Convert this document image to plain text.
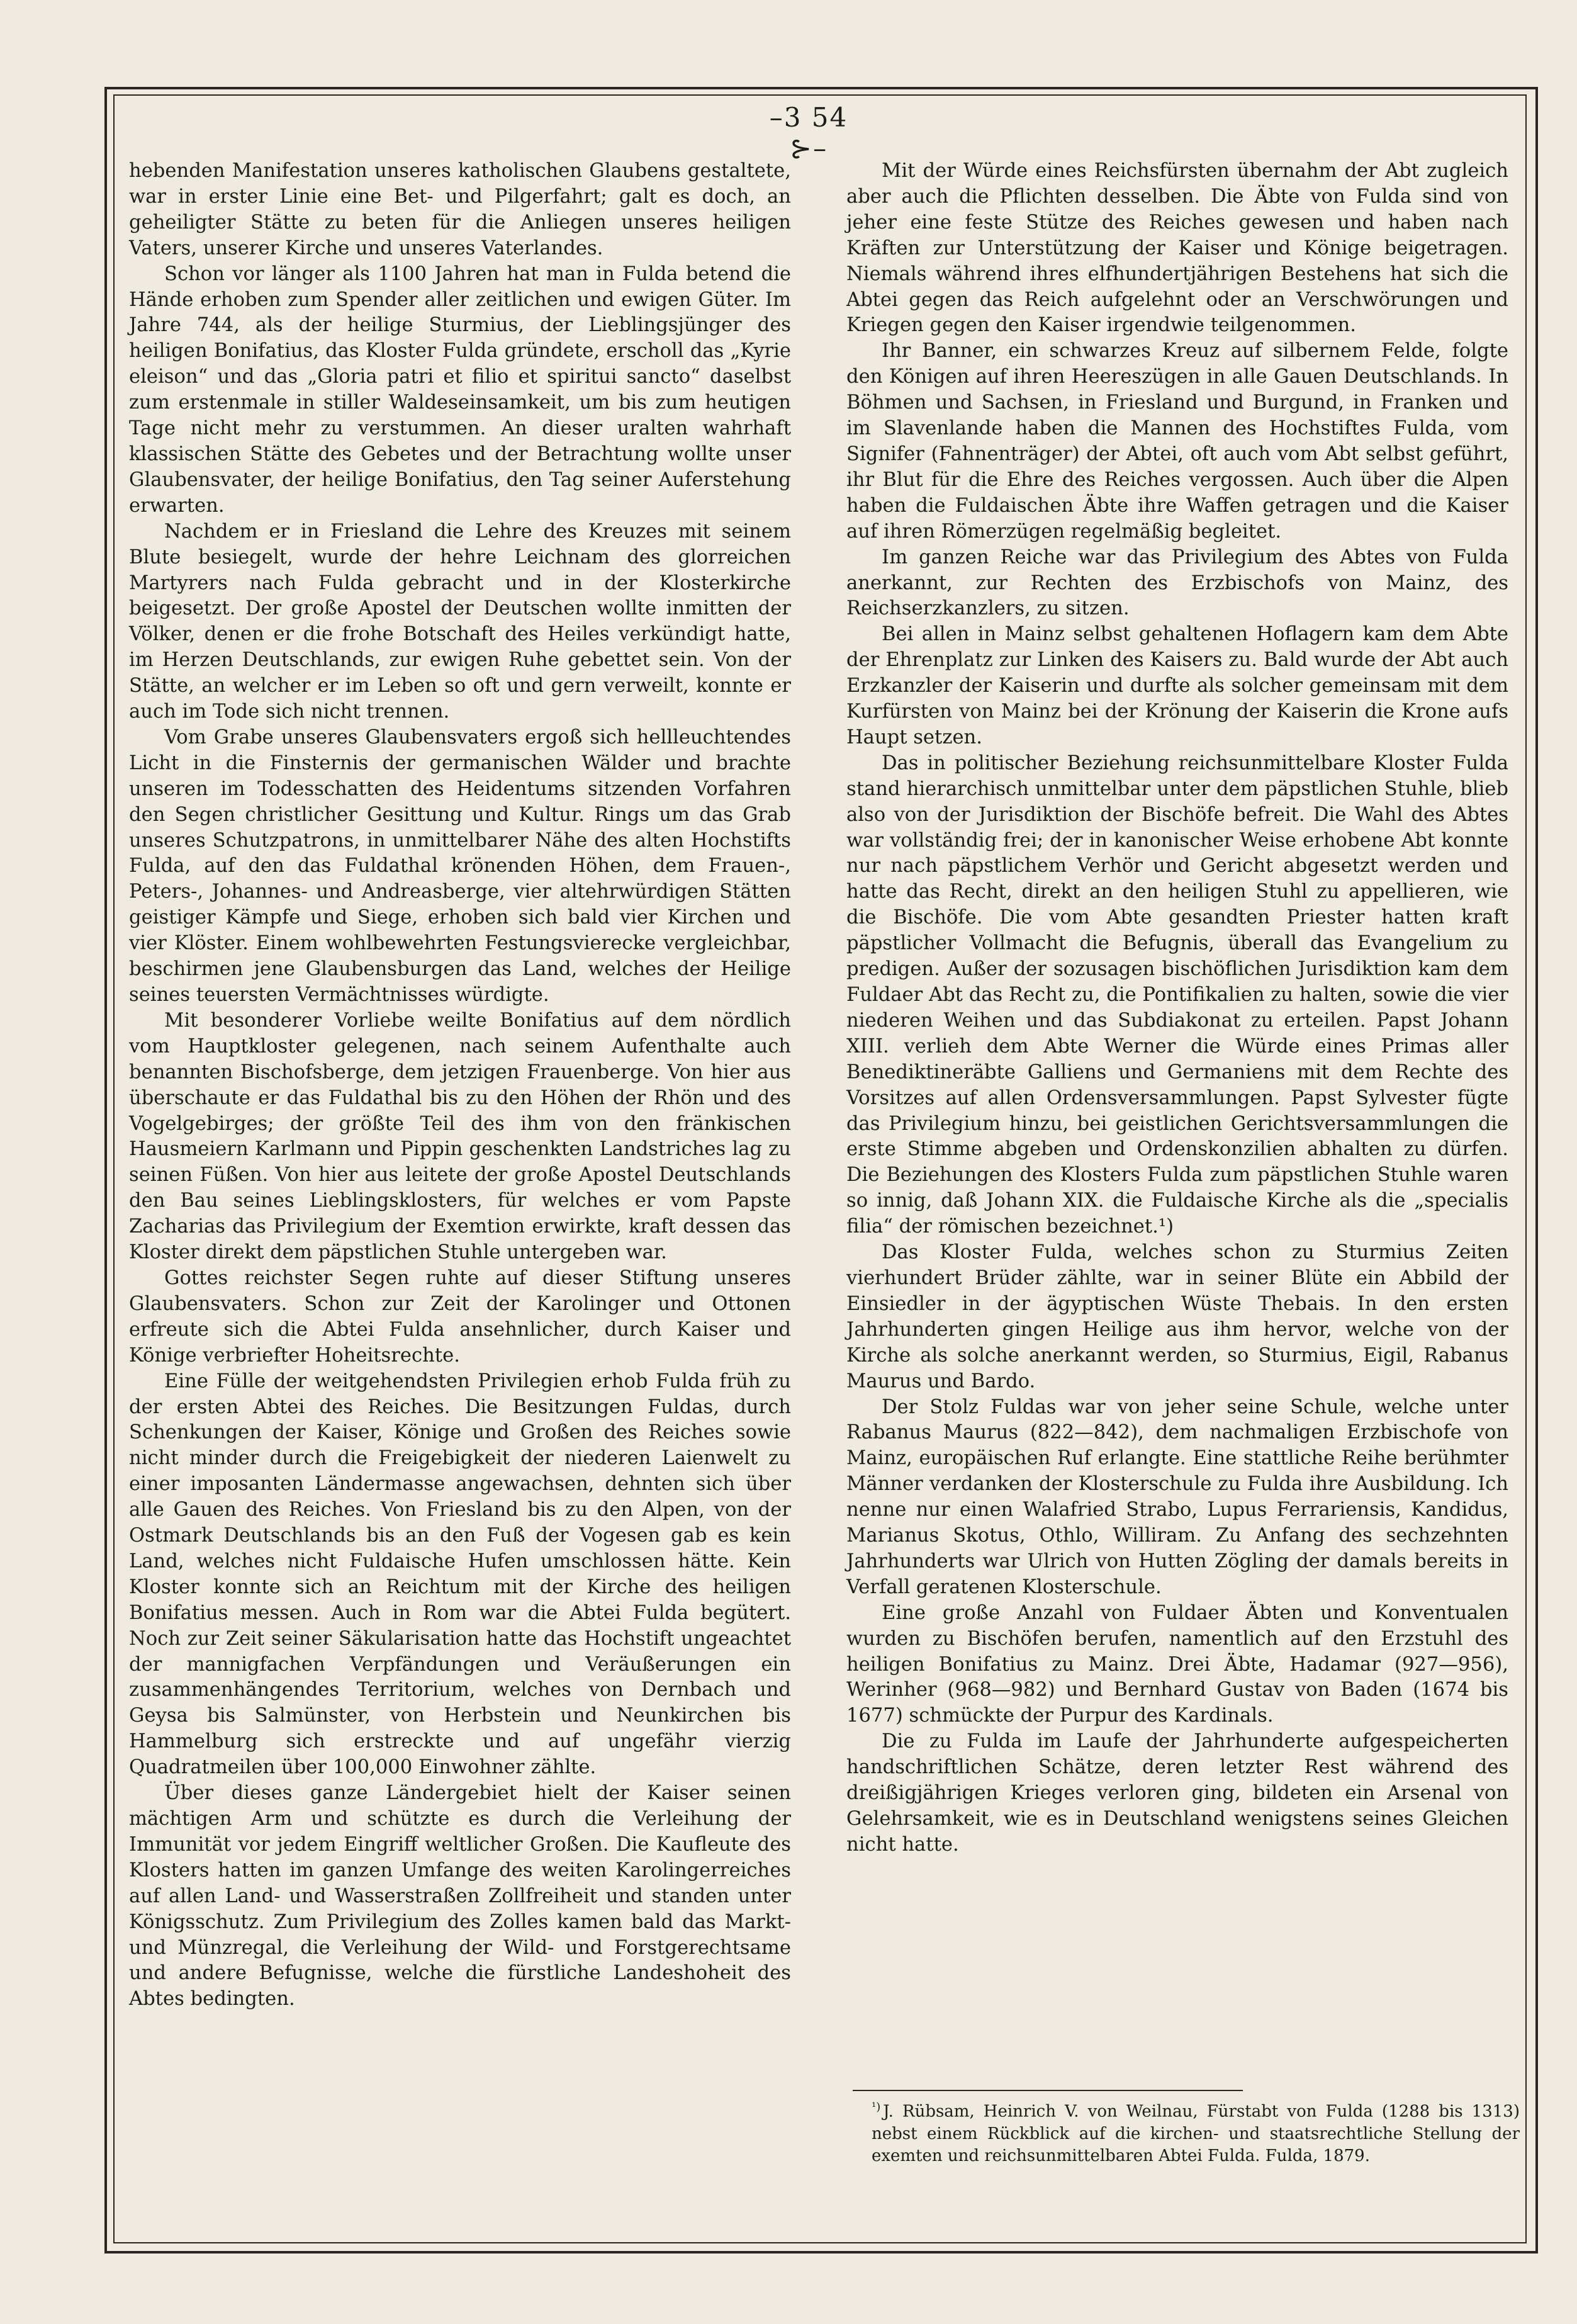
–3 54 ⊱–

hebenden Manifestation unseres katholischen Glaubens gestaltete, war in erster Linie eine Bet- und Pilgerfahrt; galt es doch, an geheiligter Stätte zu beten für die Anliegen unseres heiligen Vaters, unserer Kirche und unseres Vaterlandes.

Schon vor länger als 1100 Jahren hat man in Fulda betend die Hände erhoben zum Spender aller zeitlichen und ewigen Güter. Im Jahre 744, als der heilige Sturmius, der Lieblingsjünger des heiligen Bonifatius, das Kloster Fulda gründete, erscholl das „Kyrie eleison“ und das „Gloria patri et filio et spiritui sancto“ daselbst zum erstenmale in stiller Waldeseinsamkeit, um bis zum heutigen Tage nicht mehr zu verstummen. An dieser uralten wahrhaft klassischen Stätte des Gebetes und der Betrachtung wollte unser Glaubensvater, der heilige Bonifatius, den Tag seiner Auferstehung erwarten.

Nachdem er in Friesland die Lehre des Kreuzes mit seinem Blute besiegelt, wurde der hehre Leichnam des glorreichen Martyrers nach Fulda gebracht und in der Klosterkirche beigesetzt. Der große Apostel der Deutschen wollte inmitten der Völker, denen er die frohe Botschaft des Heiles verkündigt hatte, im Herzen Deutschlands, zur ewigen Ruhe gebettet sein. Von der Stätte, an welcher er im Leben so oft und gern verweilt, konnte er auch im Tode sich nicht trennen.

Vom Grabe unseres Glaubensvaters ergoß sich hellleuchtendes Licht in die Finsternis der germanischen Wälder und brachte unseren im Todesschatten des Heidentums sitzenden Vorfahren den Segen christlicher Gesittung und Kultur. Rings um das Grab unseres Schutzpatrons, in unmittelbarer Nähe des alten Hochstifts Fulda, auf den das Fuldathal krönenden Höhen, dem Frauen-, Peters-, Johannes- und Andreasberge, vier altehrwürdigen Stätten geistiger Kämpfe und Siege, erhoben sich bald vier Kirchen und vier Klöster. Einem wohlbewehrten Festungsvierecke vergleichbar, beschirmen jene Glaubensburgen das Land, welches der Heilige seines teuersten Vermächtnisses würdigte.

Mit besonderer Vorliebe weilte Bonifatius auf dem nördlich vom Hauptkloster gelegenen, nach seinem Aufenthalte auch benannten Bischofsberge, dem jetzigen Frauenberge. Von hier aus überschaute er das Fuldathal bis zu den Höhen der Rhön und des Vogelgebirges; der größte Teil des ihm von den fränkischen Hausmeiern Karlmann und Pippin geschenkten Landstriches lag zu seinen Füßen. Von hier aus leitete der große Apostel Deutschlands den Bau seines Lieblingsklosters, für welches er vom Papste Zacharias das Privilegium der Exemtion erwirkte, kraft dessen das Kloster direkt dem päpstlichen Stuhle untergeben war.

Gottes reichster Segen ruhte auf dieser Stiftung unseres Glaubensvaters. Schon zur Zeit der Karolinger und Ottonen erfreute sich die Abtei Fulda ansehnlicher, durch Kaiser und Könige verbriefter Hoheitsrechte.

Eine Fülle der weitgehendsten Privilegien erhob Fulda früh zu der ersten Abtei des Reiches. Die Besitzungen Fuldas, durch Schenkungen der Kaiser, Könige und Großen des Reiches sowie nicht minder durch die Freigebigkeit der niederen Laienwelt zu einer imposanten Ländermasse angewachsen, dehnten sich über alle Gauen des Reiches. Von Friesland bis zu den Alpen, von der Ostmark Deutschlands bis an den Fuß der Vogesen gab es kein Land, welches nicht Fuldaische Hufen umschlossen hätte. Kein Kloster konnte sich an Reichtum mit der Kirche des heiligen Bonifatius messen. Auch in Rom war die Abtei Fulda begütert. Noch zur Zeit seiner Säkularisation hatte das Hochstift ungeachtet der mannigfachen Verpfändungen und Veräußerungen ein zusammenhängendes Territorium, welches von Dernbach und Geysa bis Salmünster, von Herbstein und Neunkirchen bis Hammelburg sich erstreckte und auf ungefähr vierzig Quadratmeilen über 100,000 Einwohner zählte.

Über dieses ganze Ländergebiet hielt der Kaiser seinen mächtigen Arm und schützte es durch die Verleihung der Immunität vor jedem Eingriff weltlicher Großen. Die Kaufleute des Klosters hatten im ganzen Umfange des weiten Karolingerreiches auf allen Land- und Wasserstraßen Zollfreiheit und standen unter Königsschutz. Zum Privilegium des Zolles kamen bald das Markt- und Münzregal, die Verleihung der Wild- und Forstgerechtsame und andere Befugnisse, welche die fürstliche Landeshoheit des Abtes bedingten.

Mit der Würde eines Reichsfürsten übernahm der Abt zugleich aber auch die Pflichten desselben. Die Äbte von Fulda sind von jeher eine feste Stütze des Reiches gewesen und haben nach Kräften zur Unterstützung der Kaiser und Könige beigetragen. Niemals während ihres elfhundertjährigen Bestehens hat sich die Abtei gegen das Reich aufgelehnt oder an Verschwörungen und Kriegen gegen den Kaiser irgendwie teilgenommen.

Ihr Banner, ein schwarzes Kreuz auf silbernem Felde, folgte den Königen auf ihren Heereszügen in alle Gauen Deutschlands. In Böhmen und Sachsen, in Friesland und Burgund, in Franken und im Slavenlande haben die Mannen des Hochstiftes Fulda, vom Signifer (Fahnenträger) der Abtei, oft auch vom Abt selbst geführt, ihr Blut für die Ehre des Reiches vergossen. Auch über die Alpen haben die Fuldaischen Äbte ihre Waffen getragen und die Kaiser auf ihren Römerzügen regelmäßig begleitet.

Im ganzen Reiche war das Privilegium des Abtes von Fulda anerkannt, zur Rechten des Erzbischofs von Mainz, des Reichserzkanzlers, zu sitzen.

Bei allen in Mainz selbst gehaltenen Hoflagern kam dem Abte der Ehrenplatz zur Linken des Kaisers zu. Bald wurde der Abt auch Erzkanzler der Kaiserin und durfte als solcher gemeinsam mit dem Kurfürsten von Mainz bei der Krönung der Kaiserin die Krone aufs Haupt setzen.

Das in politischer Beziehung reichsunmittelbare Kloster Fulda stand hierarchisch unmittelbar unter dem päpstlichen Stuhle, blieb also von der Jurisdiktion der Bischöfe befreit. Die Wahl des Abtes war vollständig frei; der in kanonischer Weise erhobene Abt konnte nur nach päpstlichem Verhör und Gericht abgesetzt werden und hatte das Recht, direkt an den heiligen Stuhl zu appellieren, wie die Bischöfe. Die vom Abte gesandten Priester hatten kraft päpstlicher Vollmacht die Befugnis, überall das Evangelium zu predigen. Außer der sozusagen bischöflichen Jurisdiktion kam dem Fuldaer Abt das Recht zu, die Pontifikalien zu halten, sowie die vier niederen Weihen und das Subdiakonat zu erteilen. Papst Johann XIII. verlieh dem Abte Werner die Würde eines Primas aller Benediktineräbte Galliens und Germaniens mit dem Rechte des Vorsitzes auf allen Ordensversammlungen. Papst Sylvester fügte das Privilegium hinzu, bei geistlichen Gerichtsversammlungen die erste Stimme abgeben und Ordenskonzilien abhalten zu dürfen. Die Beziehungen des Klosters Fulda zum päpstlichen Stuhle waren so innig, daß Johann XIX. die Fuldaische Kirche als die „specialis filia“ der römischen bezeichnet.¹)

Das Kloster Fulda, welches schon zu Sturmius Zeiten vierhundert Brüder zählte, war in seiner Blüte ein Abbild der Einsiedler in der ägyptischen Wüste Thebais. In den ersten Jahrhunderten gingen Heilige aus ihm hervor, welche von der Kirche als solche anerkannt werden, so Sturmius, Eigil, Rabanus Maurus und Bardo.

Der Stolz Fuldas war von jeher seine Schule, welche unter Rabanus Maurus (822—842), dem nachmaligen Erzbischofe von Mainz, europäischen Ruf erlangte. Eine stattliche Reihe berühmter Männer verdanken der Klosterschule zu Fulda ihre Ausbildung. Ich nenne nur einen Walafried Strabo, Lupus Ferrariensis, Kandidus, Marianus Skotus, Othlo, Williram. Zu Anfang des sechzehnten Jahrhunderts war Ulrich von Hutten Zögling der damals bereits in Verfall geratenen Klosterschule.

Eine große Anzahl von Fuldaer Äbten und Konventualen wurden zu Bischöfen berufen, namentlich auf den Erzstuhl des heiligen Bonifatius zu Mainz. Drei Äbte, Hadamar (927—956), Werinher (968—982) und Bernhard Gustav von Baden (1674 bis 1677) schmückte der Purpur des Kardinals.

Die zu Fulda im Laufe der Jahrhunderte aufgespeicherten handschriftlichen Schätze, deren letzter Rest während des dreißigjährigen Krieges verloren ging, bildeten ein Arsenal von Gelehrsamkeit, wie es in Deutschland wenigstens seines Gleichen nicht hatte.

$^{^1)}$ J. Rübsam, Heinrich V. von Weilnau, Fürstabt von Fulda (1288 bis 1313) nebst einem Rückblick auf die kirchen- und staatsrechtliche Stellung der exemten und reichsunmittelbaren Abtei Fulda. Fulda, 1879.
